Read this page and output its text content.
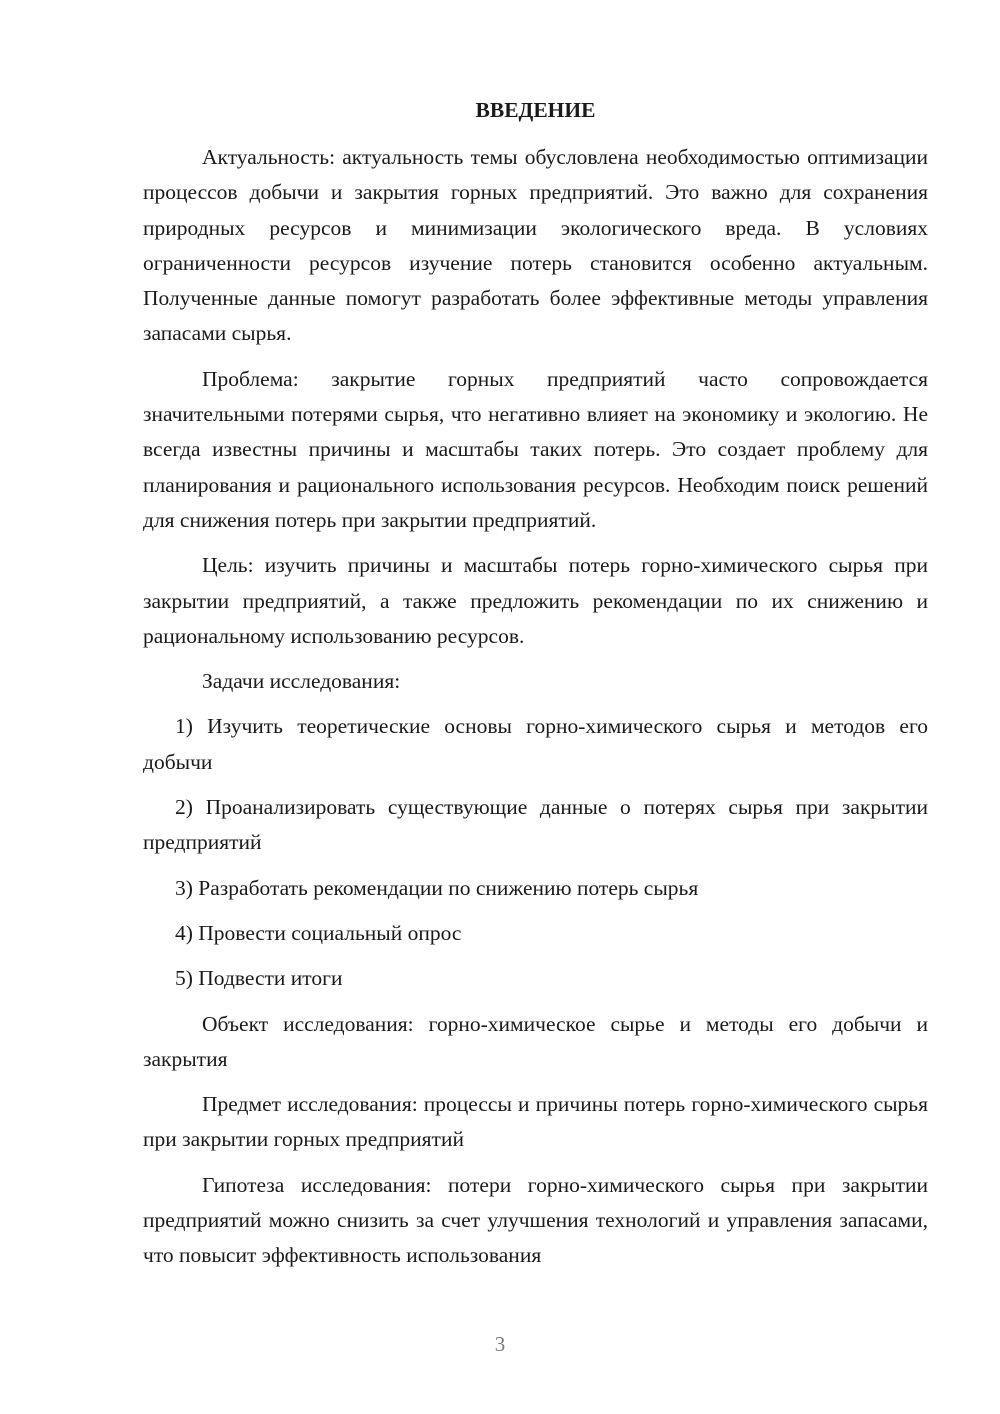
ВВЕДЕНИЕ

Актуальность: актуальность темы обусловлена необходимостью оптимизации процессов добычи и закрытия горных предприятий. Это важно для сохранения природных ресурсов и минимизации экологического вреда. В условиях ограниченности ресурсов изучение потерь становится особенно актуальным. Полученные данные помогут разработать более эффективные методы управления запасами сырья.

Проблема: закрытие горных предприятий часто сопровождается значительными потерями сырья, что негативно влияет на экономику и экологию. Не всегда известны причины и масштабы таких потерь. Это создает проблему для планирования и рационального использования ресурсов. Необходим поиск решений для снижения потерь при закрытии предприятий.

Цель: изучить причины и масштабы потерь горно-химического сырья при закрытии предприятий, а также предложить рекомендации по их снижению и рациональному использованию ресурсов.

Задачи исследования:

1) Изучить теоретические основы горно-химического сырья и методов его добычи

2) Проанализировать существующие данные о потерях сырья при закрытии предприятий

3) Разработать рекомендации по снижению потерь сырья

4) Провести социальный опрос

5) Подвести итоги

Объект исследования: горно-химическое сырье и методы его добычи и закрытия

Предмет исследования: процессы и причины потерь горно-химического сырья при закрытии горных предприятий

Гипотеза исследования: потери горно-химического сырья при закрытии предприятий можно снизить за счет улучшения технологий и управления запасами, что повысит эффективность использования

3
